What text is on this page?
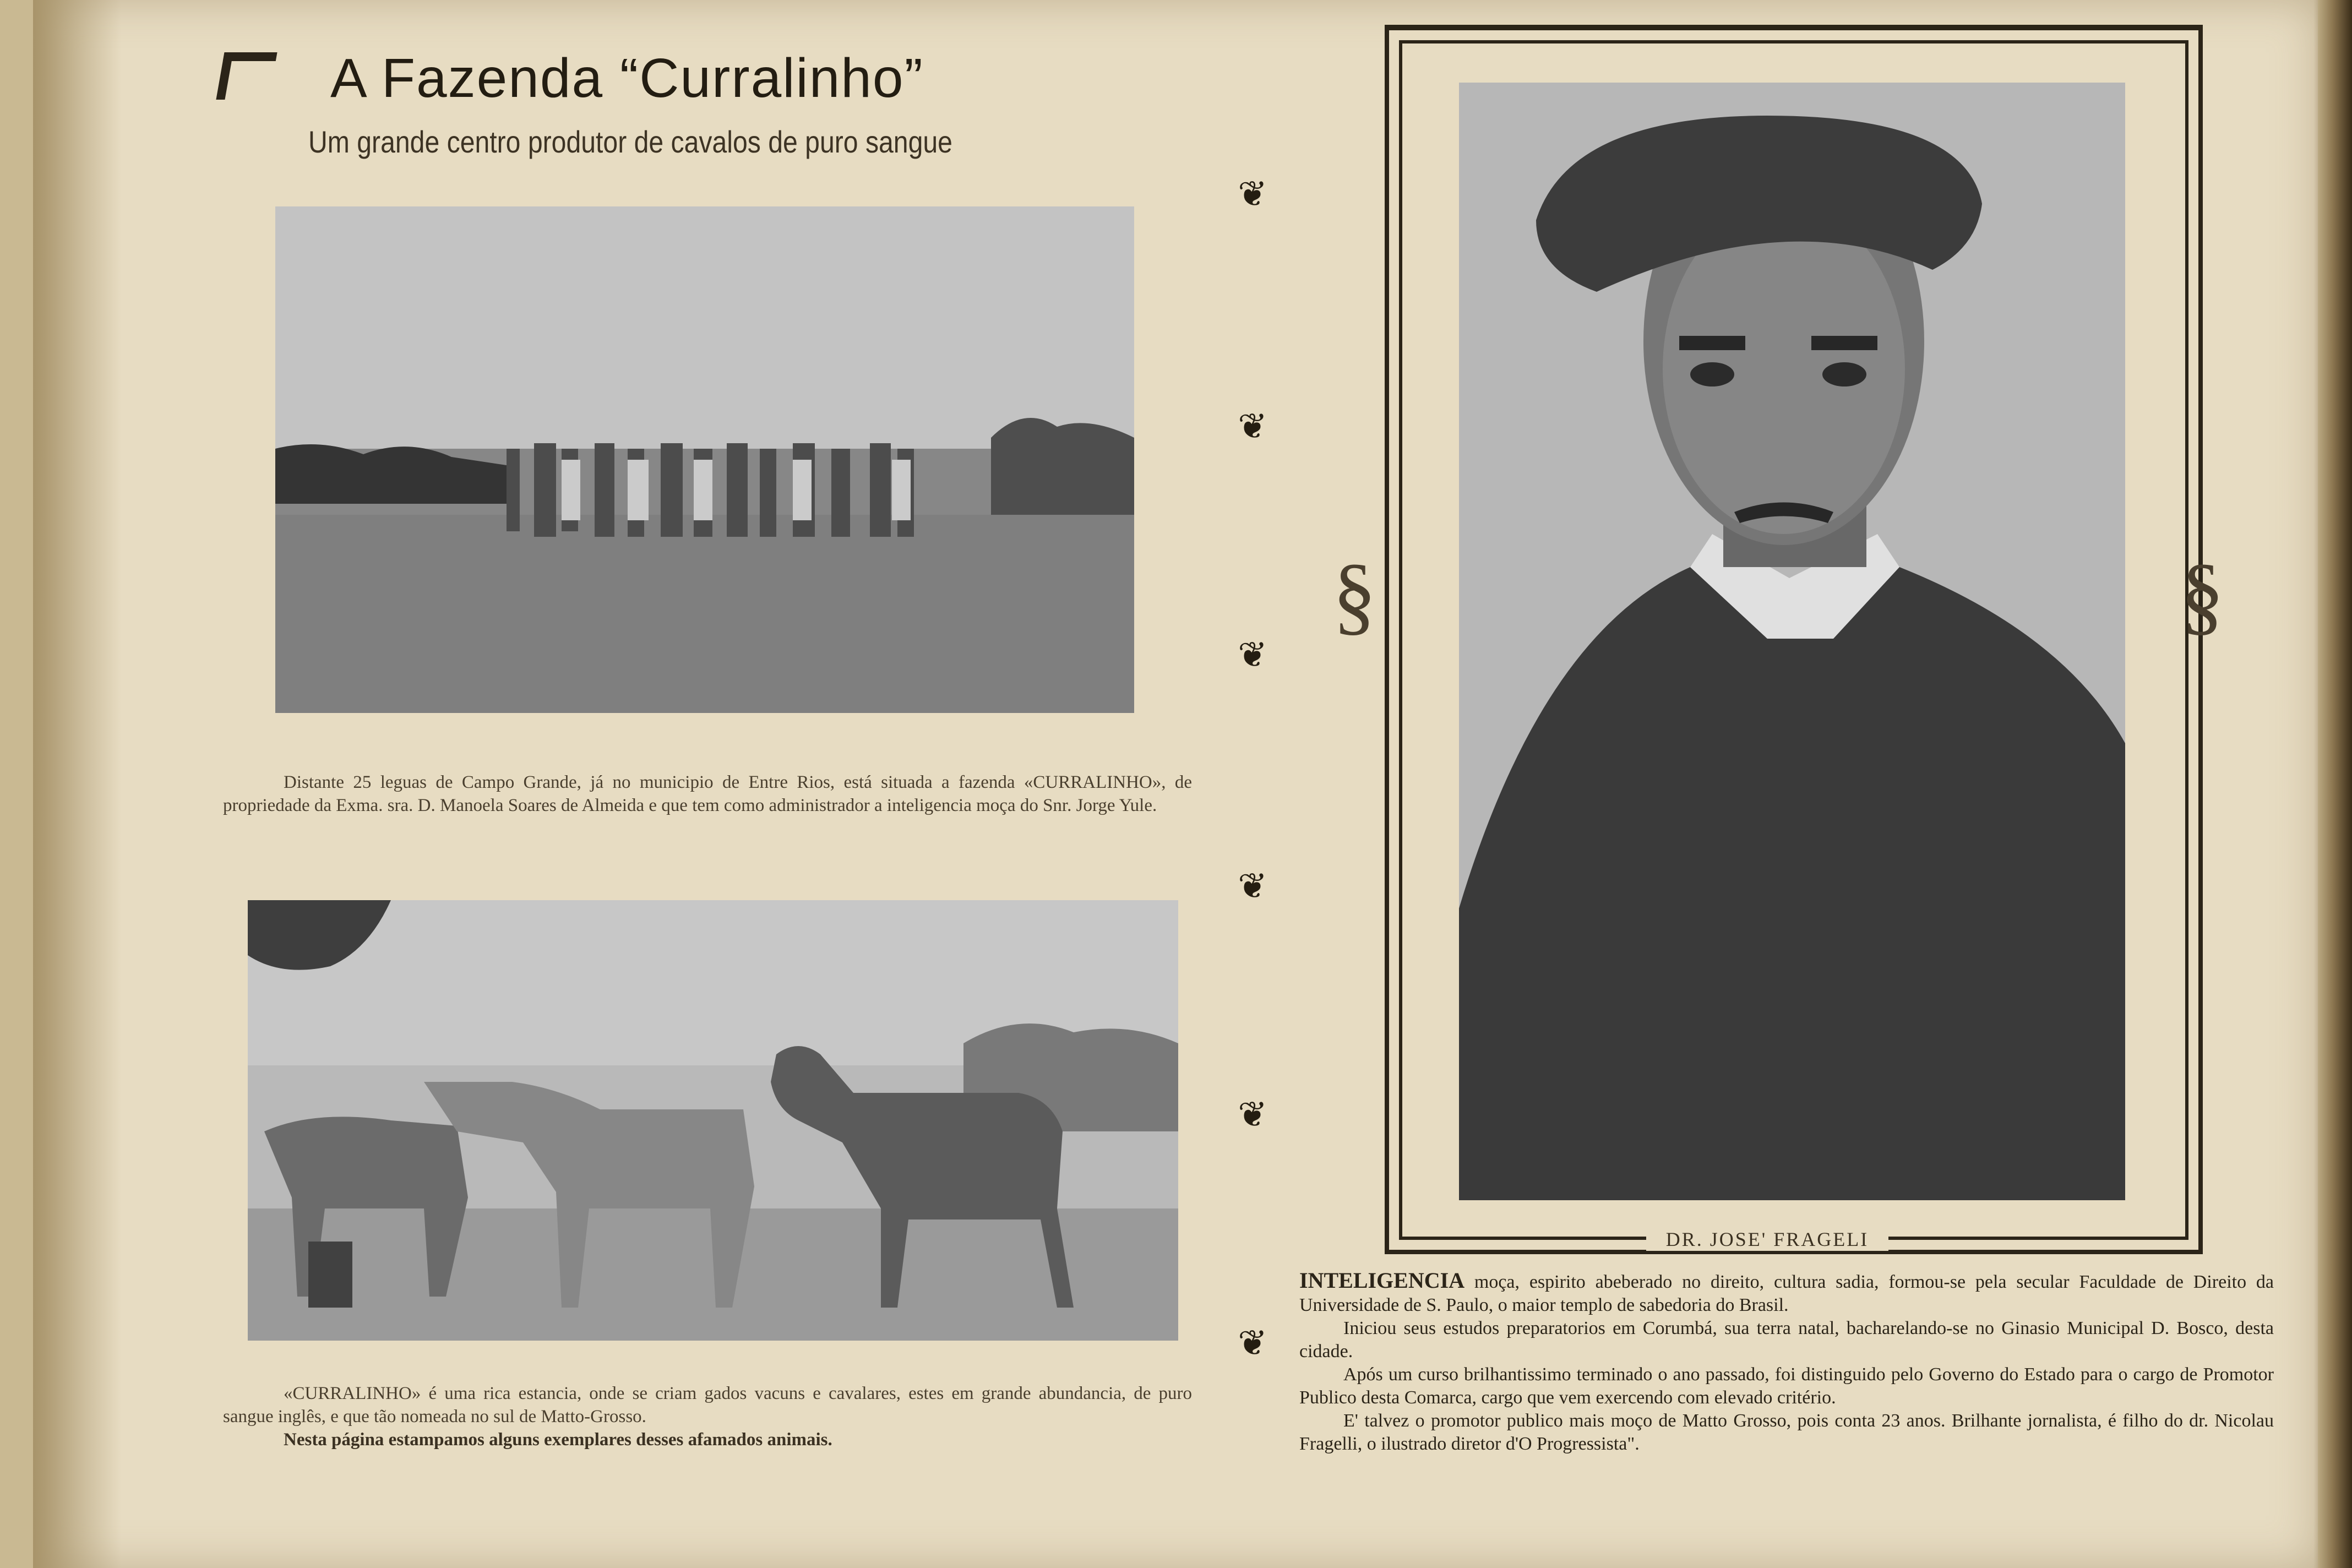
A Fazenda “Curralinho”
Um grande centro produtor de cavalos de puro sangue

Distante 25 leguas de Campo Grande, já no municipio de Entre Rios, está situada a fazenda «CURRALINHO», de propriedade da Exma. sra. D. Manoela Soares de Almeida e que tem como administrador a inteligencia moça do Snr. Jorge Yule.

«CURRALINHO» é uma rica estancia, onde se criam gados vacuns e cavalares, estes em grande abundancia, de puro sangue inglês, e que tão nomeada no sul de Matto-Grosso.

Nesta página estampamos alguns exemplares desses afamados animais.

❦
❦
❦
❦
❦
❦
§	§
DR. JOSE' FRAGELI

INTELIGENCIA moça, espirito abeberado no direito, cultura sadia, formou-se pela secular Faculdade de Direito da Universidade de S. Paulo, o maior templo de sabedoria do Brasil.

Iniciou seus estudos preparatorios em Corumbá, sua terra natal, bacharelando-se no Ginasio Municipal D. Bosco, desta cidade.

Após um curso brilhantissimo terminado o ano passado, foi distinguido pelo Governo do Estado para o cargo de Promotor Publico desta Comarca, cargo que vem exercendo com elevado critério.

E' talvez o promotor publico mais moço de Matto Grosso, pois conta 23 anos. Brilhante jornalista, é filho do dr. Nicolau Fragelli, o ilustrado diretor d'O Progressista".
